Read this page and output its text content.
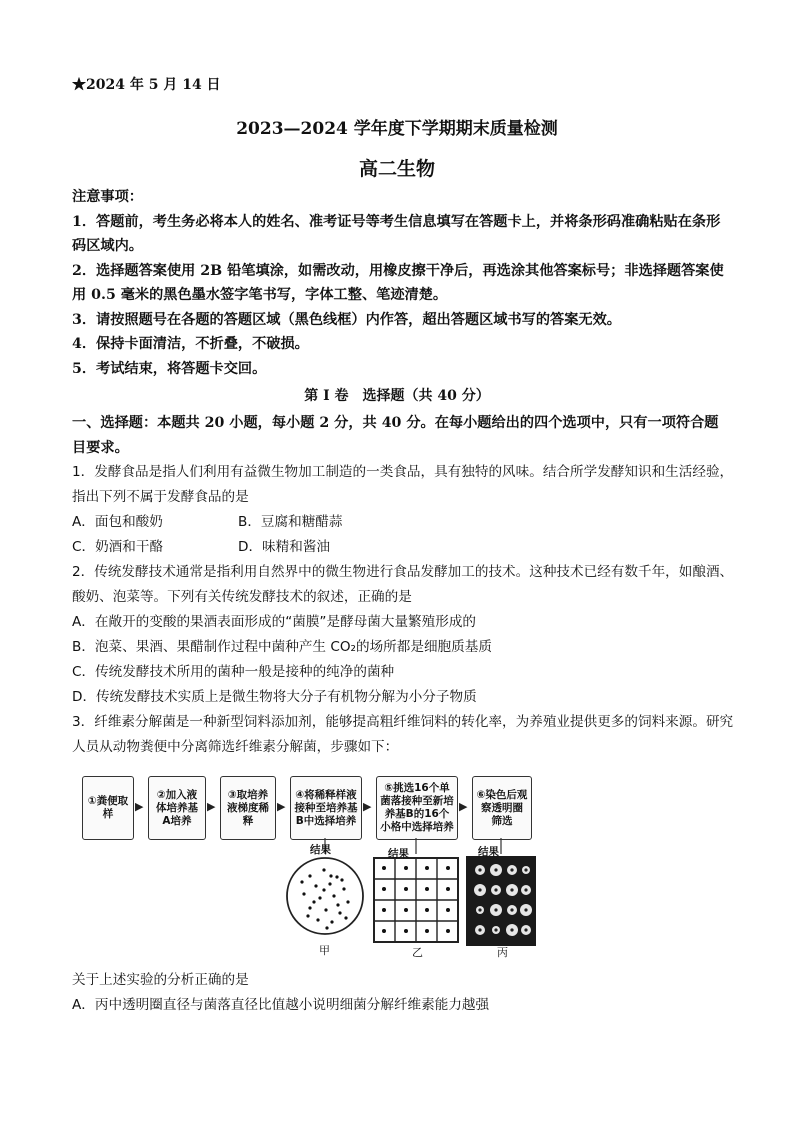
★2024 年 5 月 14 日
2023—2024 学年度下学期期末质量检测
高二生物

注意事项：

1．答题前，考生务必将本人的姓名、准考证号等考生信息填写在答题卡上，并将条形码准确粘贴在条形码区域内。

2．选择题答案使用 2B 铅笔填涂，如需改动，用橡皮擦干净后，再选涂其他答案标号；非选择题答案使用 0.5 毫米的黑色墨水签字笔书写，字体工整、笔迹清楚。

3．请按照题号在各题的答题区域（黑色线框）内作答，超出答题区域书写的答案无效。

4．保持卡面清洁，不折叠，不破损。

5．考试结束，将答题卡交回。

第 I 卷　选择题（共 40 分）
一、选择题：本题共 20 小题，每小题 2 分，共 40 分。在每小题给出的四个选项中，只有一项符合题目要求。
1．发酵食品是指人们利用有益微生物加工制造的一类食品，具有独特的风味。结合所学发酵知识和生活经验，指出下列不属于发酵食品的是
A．面包和酸奶	B．豆腐和糖醋蒜
C．奶酒和干酪	D．味精和酱油

2．传统发酵技术通常是指利用自然界中的微生物进行食品发酵加工的技术。这种技术已经有数千年，如酿酒、酸奶、泡菜等。下列有关传统发酵技术的叙述，正确的是

A．在敞开的变酸的果酒表面形成的“菌膜”是酵母菌大量繁殖形成的

B．泡菜、果酒、果醋制作过程中菌种产生 CO₂的场所都是细胞质基质

C．传统发酵技术所用的菌种一般是接种的纯净的菌种

D．传统发酵技术实质上是微生物将大分子有机物分解为小分子物质

3．纤维素分解菌是一种新型饲料添加剂，能够提高粗纤维饲料的转化率，为养殖业提供更多的饲料来源。研究人员从动物粪便中分离筛选纤维素分解菌，步骤如下：
①粪便取样
▶
②加入液体培养基A培养
▶
③取培养液梯度稀释
▶
④将稀释样液接种至培养基B中选择培养
▶
⑤挑选16个单菌落接种至新培养基B的16个小格中选择培养
▶
⑥染色后观察透明圈筛选
结果	结果	结果
甲	乙	丙
关于上述实验的分析正确的是
A．丙中透明圈直径与菌落直径比值越小说明细菌分解纤维素能力越强
